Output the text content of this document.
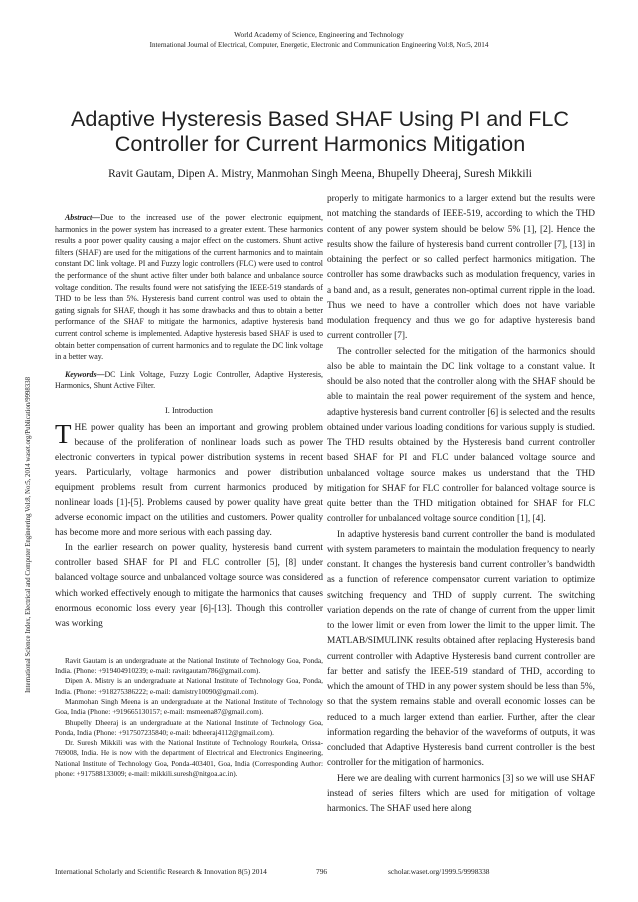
World Academy of Science, Engineering and Technology
International Journal of Electrical, Computer, Energetic, Electronic and Communication Engineering Vol:8, No:5, 2014
Adaptive Hysteresis Based SHAF Using PI and FLC Controller for Current Harmonics Mitigation
Ravit Gautam, Dipen A. Mistry, Manmohan Singh Meena, Bhupelly Dheeraj, Suresh Mikkili
International Science Index, Electrical and Computer Engineering Vol:8, No:5, 2014 waset.org/Publication/9998338

Abstract—Due to the increased use of the power electronic equipment, harmonics in the power system has increased to a greater extent. These harmonics results a poor power quality causing a major effect on the customers. Shunt active filters (SHAF) are used for the mitigations of the current harmonics and to maintain constant DC link voltage. PI and Fuzzy logic controllers (FLC) were used to control the performance of the shunt active filter under both balance and unbalance source voltage condition. The results found were not satisfying the IEEE-519 standards of THD to be less than 5%. Hysteresis band current control was used to obtain the gating signals for SHAF, though it has some drawbacks and thus to obtain a better performance of the SHAF to mitigate the harmonics, adaptive hysteresis band current control scheme is implemented. Adaptive hysteresis based SHAF is used to obtain better compensation of current harmonics and to regulate the DC link voltage in a better way.

Keywords—DC Link Voltage, Fuzzy Logic Controller, Adaptive Hysteresis, Harmonics, Shunt Active Filter.

I. Introduction

THE power quality has been an important and growing problem because of the proliferation of nonlinear loads such as power electronic converters in typical power distribution systems in recent years. Particularly, voltage harmonics and power distribution equipment problems result from current harmonics produced by nonlinear loads [1]-[5]. Problems caused by power quality have great adverse economic impact on the utilities and customers. Power quality has become more and more serious with each passing day.

In the earlier research on power quality, hysteresis band current controller based SHAF for PI and FLC controller [5], [8] under balanced voltage source and unbalanced voltage source was considered which worked effectively enough to mitigate the harmonics that causes enormous economic loss every year [6]-[13]. Though this controller was working

Ravit Gautam is an undergraduate at the National Institute of Technology Goa, Ponda, India. (Phone: +919404910239; e-mail: ravitgautam786@gmail.com).

Dipen A. Mistry is an undergraduate at National Institute of Technology Goa, Ponda, India. (Phone: +918275386222; e-mail: damistry10090@gmail.com).

Manmohan Singh Meena is an undergraduate at the National Institute of Technology Goa, India (Phone: +919665130157; e-mail: msmeena87@gmail.com).

Bhupelly Dheeraj is an undergraduate at the National Institute of Technology Goa, Ponda, India (Phone: +917507235840; e-mail: bdheeraj4112@gmail.com).

Dr. Suresh Mikkili was with the National Institute of Technology Rourkela, Orissa-769008, India. He is now with the department of Electrical and Electronics Engineering, National Institute of Technology Goa, Ponda-403401, Goa, India (Corresponding Author: phone: +917588133009; e-mail: mikkili.suresh@nitgoa.ac.in).

properly to mitigate harmonics to a larger extend but the results were not matching the standards of IEEE-519, according to which the THD content of any power system should be below 5% [1], [2]. Hence the results show the failure of hysteresis band current controller [7], [13] in obtaining the perfect or so called perfect harmonics mitigation. The controller has some drawbacks such as modulation frequency, varies in a band and, as a result, generates non-optimal current ripple in the load. Thus we need to have a controller which does not have variable modulation frequency and thus we go for adaptive hysteresis band current controller [7].

The controller selected for the mitigation of the harmonics should also be able to maintain the DC link voltage to a constant value. It should be also noted that the controller along with the SHAF should be able to maintain the real power requirement of the system and hence, adaptive hysteresis band current controller [6] is selected and the results obtained under various loading conditions for various supply is studied. The THD results obtained by the Hysteresis band current controller based SHAF for PI and FLC under balanced voltage source and unbalanced voltage source makes us understand that the THD mitigation for SHAF for FLC controller for balanced voltage source is quite better than the THD mitigation obtained for SHAF for FLC controller for unbalanced voltage source condition [1], [4].

In adaptive hysteresis band current controller the band is modulated with system parameters to maintain the modulation frequency to nearly constant. It changes the hysteresis band current controller’s bandwidth as a function of reference compensator current variation to optimize switching frequency and THD of supply current. The switching variation depends on the rate of change of current from the upper limit to the lower limit or even from lower the limit to the upper limit. The MATLAB/SIMULINK results obtained after replacing Hysteresis band current controller with Adaptive Hysteresis band current controller are far better and satisfy the IEEE-519 standard of THD, according to which the amount of THD in any power system should be less than 5%, so that the system remains stable and overall economic losses can be reduced to a much larger extend than earlier. Further, after the clear information regarding the behavior of the waveforms of outputs, it was concluded that Adaptive Hysteresis band current controller is the best controller for the mitigation of harmonics.

Here we are dealing with current harmonics [3] so we will use SHAF instead of series filters which are used for mitigation of voltage harmonics. The SHAF used here along

International Scholarly and Scientific Research & Innovation 8(5) 2014	796	scholar.waset.org/1999.5/9998338
